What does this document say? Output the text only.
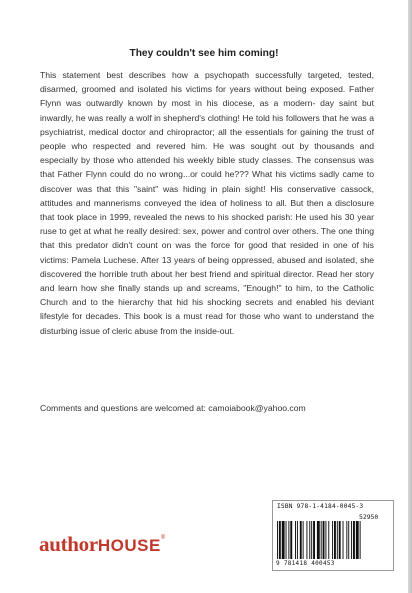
They couldn't see him coming!

This statement best describes how a psychopath successfully targeted, tested, disarmed, groomed and isolated his victims for years without being exposed. Father Flynn was outwardly known by most in his diocese, as a modern- day saint but inwardly, he was really a wolf in shepherd's clothing! He told his followers that he was a psychiatrist, medical doctor and chiropractor; all the essentials for gaining the trust of people who respected and revered him. He was sought out by thousands and especially by those who attended his weekly bible study classes. The consensus was that Father Flynn could do no wrong...or could he??? What his victims sadly came to discover was that this "saint" was hiding in plain sight! His conservative cassock, attitudes and mannerisms conveyed the idea of holiness to all. But then a disclosure that took place in 1999, revealed the news to his shocked parish: He used his 30 year ruse to get at what he really desired: sex, power and control over others. The one thing that this predator didn't count on was the force for good that resided in one of his victims: Pamela Luchese. After 13 years of being oppressed, abused and isolated, she discovered the horrible truth about her best friend and spiritual director. Read her story and learn how she finally stands up and screams, "Enough!" to him, to the Catholic Church and to the hierarchy that hid his shocking secrets and enabled his deviant lifestyle for decades. This book is a must read for those who want to understand the disturbing issue of cleric abuse from the inside-out.

Comments and questions are welcomed at: camoiabook@yahoo.com

authorHOUSE®
ISBN 978-1-4184-0045-3
52950
9 781418 400453
